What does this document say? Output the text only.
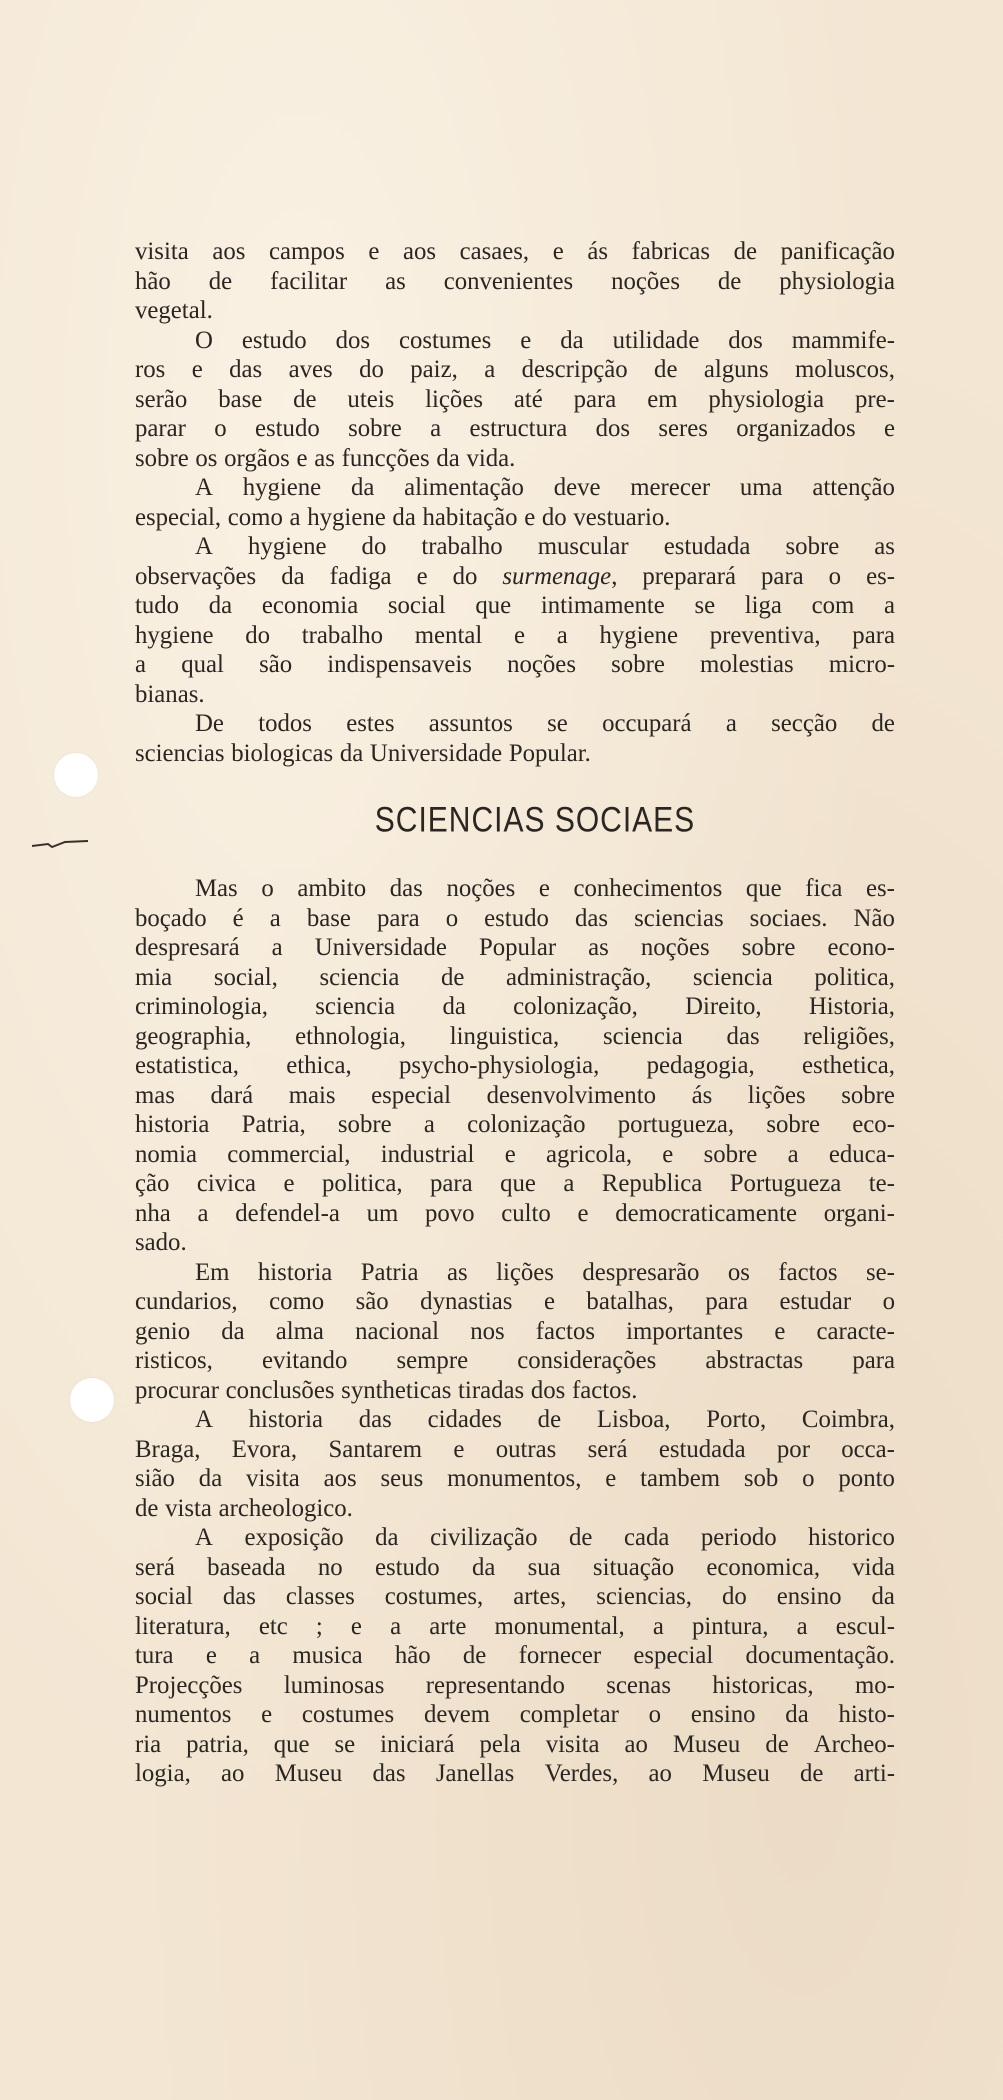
visita aos campos e aos casaes, e ás fabricas de panificação
hão de facilitar as convenientes noções de physiologia
vegetal.
O estudo dos costumes e da utilidade dos mammife-
ros e das aves do paiz, a descripção de alguns moluscos,
serão base de uteis lições até para em physiologia pre-
parar o estudo sobre a estructura dos seres organizados e
sobre os orgãos e as funcções da vida.
A hygiene da alimentação deve merecer uma attenção
especial, como a hygiene da habitação e do vestuario.
A hygiene do trabalho muscular estudada sobre as
observações da fadiga e do surmenage, preparará para o es-
tudo da economia social que intimamente se liga com a
hygiene do trabalho mental e a hygiene preventiva, para
a qual são indispensaveis noções sobre molestias micro-
bianas.
De todos estes assuntos se occupará a secção de
sciencias biologicas da Universidade Popular.
SCIENCIAS SOCIAES
Mas o ambito das noções e conhecimentos que fica es-
boçado é a base para o estudo das sciencias sociaes. Não
despresará a Universidade Popular as noções sobre econo-
mia social, sciencia de administração, sciencia politica,
criminologia, sciencia da colonização, Direito, Historia,
geographia, ethnologia, linguistica, sciencia das religiões,
estatistica, ethica, psycho-physiologia, pedagogia, esthetica,
mas dará mais especial desenvolvimento ás lições sobre
historia Patria, sobre a colonização portugueza, sobre eco-
nomia commercial, industrial e agricola, e sobre a educa-
ção civica e politica, para que a Republica Portugueza te-
nha a defendel-a um povo culto e democraticamente organi-
sado.
Em historia Patria as lições despresarão os factos se-
cundarios, como são dynastias e batalhas, para estudar o
genio da alma nacional nos factos importantes e caracte-
risticos, evitando sempre considerações abstractas para
procurar conclusões syntheticas tiradas dos factos.
A historia das cidades de Lisboa, Porto, Coimbra,
Braga, Evora, Santarem e outras será estudada por occa-
sião da visita aos seus monumentos, e tambem sob o ponto
de vista archeologico.
A exposição da civilização de cada periodo historico
será baseada no estudo da sua situação economica, vida
social das classes costumes, artes, sciencias, do ensino da
literatura, etc ; e a arte monumental, a pintura, a escul-
tura e a musica hão de fornecer especial documentação.
Projecções luminosas representando scenas historicas, mo-
numentos e costumes devem completar o ensino da histo-
ria patria, que se iniciará pela visita ao Museu de Archeo-
logia, ao Museu das Janellas Verdes, ao Museu de arti-
